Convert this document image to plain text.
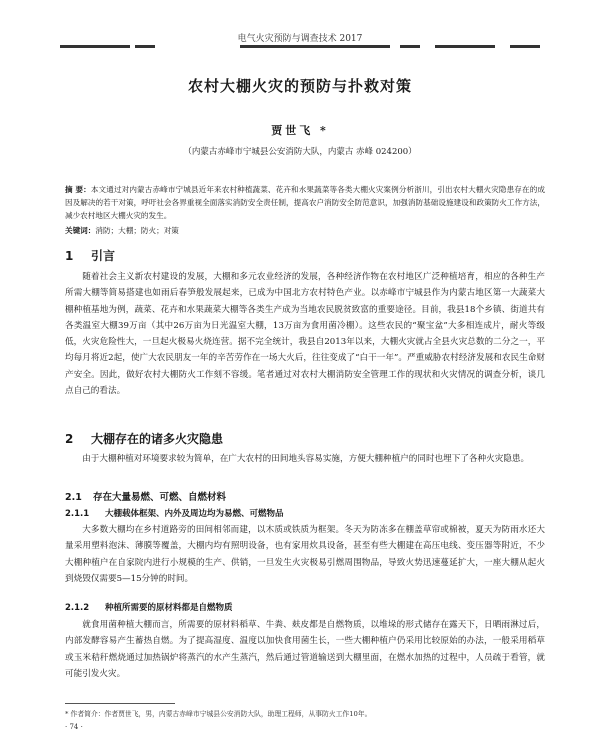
电气火灾预防与调查技术 2017
农村大棚火灾的预防与扑救对策
贾世飞 *
（内蒙古赤峰市宁城县公安消防大队，内蒙古 赤峰 024200）
摘 要：本文通过对内蒙古赤峰市宁城县近年来农村种植蔬菜、花卉和水果蔬菜等各类大棚火灾案例分析浙川，引出农村大棚火灾隐患存在的成因及解决的若干对策，呼吁社会各界重视全面落实消防安全责任制，提高农户消防安全防范意识，加强消防基础设施建设和政策防火工作方法，减少农村地区大棚火灾的发生。
关键词：消防；大棚；防火；对策
1 引言
随着社会主义新农村建设的发展，大棚和多元农业经济的发展，各种经济作物在农村地区广泛种植培育，相应的各种生产所需大棚等简易搭建也如雨后春笋般发展起来，已成为中国北方农村特色产业。以赤峰市宁城县作为内蒙古地区第一大蔬菜大棚种植基地为例，蔬菜、花卉和水果蔬菜大棚等各类生产成为当地农民脱贫致富的重要途径。目前，我县18个乡镇、街道共有各类温室大棚39万亩（其中26万亩为日光温室大棚，13万亩为食用菌冷棚）。这些农民的“聚宝盆”大多相连成片，耐火等级低，火灾危险性大，一旦起火极易火烧连营。据不完全统计，我县自2013年以来，大棚火灾就占全县火灾总数的二分之一，平均每月将近2起，使广大农民朋友一年的辛苦劳作在一场大火后，往往变成了“白干一年”。严重威胁农村经济发展和农民生命财产安全。因此，做好农村大棚防火工作刻不容缓。笔者通过对农村大棚消防安全管理工作的现状和火灾情况的调查分析，谈几点自己的看法。
2 大棚存在的诸多火灾隐患
由于大棚种植对环境要求较为简单，在广大农村的田间地头容易实施，方便大棚种植户的同时也埋下了各种火灾隐患。
2.1 存在大量易燃、可燃、自燃材料
2.1.1 大棚载体框架、内外及周边均为易燃、可燃物品
大多数大棚均在乡村道路旁的田间相邻而建，以木质或铁质为框架。冬天为防冻多在棚盖草帘或棉被，夏天为防雨水还大量采用塑料泡沫、薄膜等覆盖，大棚内均有照明设备，也有家用炊具设备，甚至有些大棚建在高压电线、变压器等附近，不少大棚种植户在自家院内进行小规模的生产、供销，一旦发生火灾极易引燃周围物品，导致火势迅速蔓延扩大，一座大棚从起火到烧毁仅需要5—15分钟的时间。
2.1.2 种植所需要的原材料都是自燃物质
就食用菌种植大棚而言，所需要的原材料稻草、牛粪、麸皮都是自燃物质，以堆垛的形式储存在露天下，日晒雨淋过后，内部发酵容易产生蓄热自燃。为了提高湿度、温度以加快食用菌生长，一些大棚种植户仍采用比较原始的办法，一般采用稻草或玉米秸秆燃烧通过加热锅炉将蒸汽的水产生蒸汽，然后通过管道输送到大棚里面，在燃水加热的过程中，人员疏于看管，就可能引发火灾。
* 作者简介：作者贾世飞，男，内蒙古赤峰市宁城县公安消防大队，助理工程师，从事防火工作10年。
· 74 ·
